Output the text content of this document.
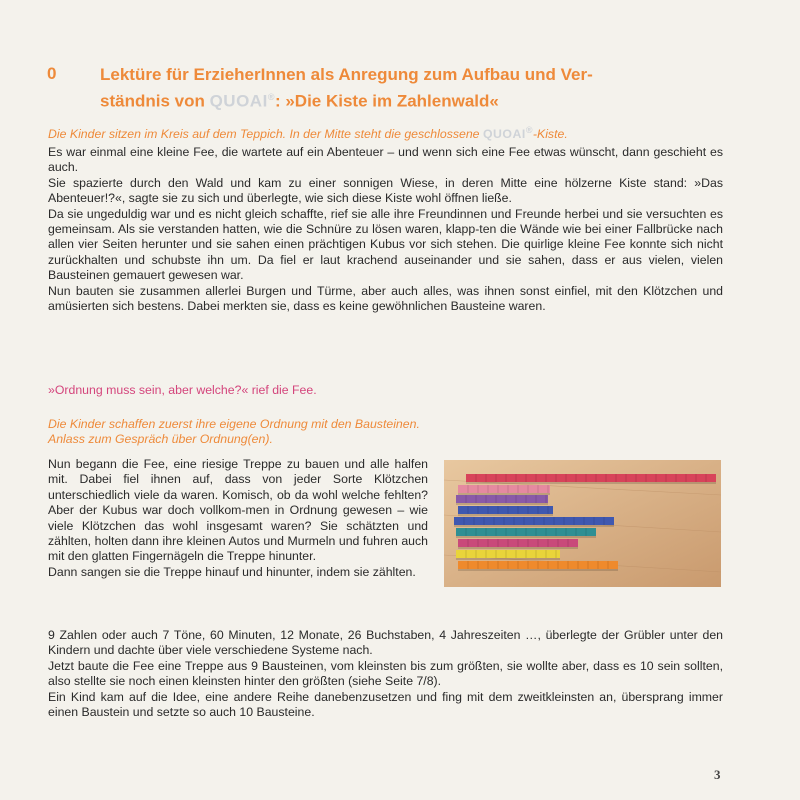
0	Lektüre für ErzieherInnen als Anregung zum Aufbau und Ver-
ständnis von QUOAI®: »Die Kiste im Zahlenwald«
Die Kinder sitzen im Kreis auf dem Teppich. In der Mitte steht die geschlossene QUOAI®-Kiste.

Es war einmal eine kleine Fee, die wartete auf ein Abenteuer – und wenn sich eine Fee etwas wünscht, dann geschieht es auch.

Sie spazierte durch den Wald und kam zu einer sonnigen Wiese, in deren Mitte eine hölzerne Kiste stand: »Das Abenteuer!?«, sagte sie zu sich und überlegte, wie sich diese Kiste wohl öffnen ließe.

Da sie ungeduldig war und es nicht gleich schaffte, rief sie alle ihre Freundinnen und Freunde herbei und sie versuchten es gemeinsam. Als sie verstanden hatten, wie die Schnüre zu lösen waren, klapp-ten die Wände wie bei einer Fallbrücke nach allen vier Seiten herunter und sie sahen einen prächtigen Kubus vor sich stehen. Die quirlige kleine Fee konnte sich nicht zurückhalten und schubste ihn um. Da fiel er laut krachend auseinander und sie sahen, dass er aus vielen, vielen Bausteinen gemauert gewesen war.

Nun bauten sie zusammen allerlei Burgen und Türme, aber auch alles, was ihnen sonst einfiel, mit den Klötzchen und amüsierten sich bestens. Dabei merkten sie, dass es keine gewöhnlichen Bausteine waren.

»Ordnung muss sein, aber welche?« rief die Fee.
Die Kinder schaffen zuerst ihre eigene Ordnung mit den Bausteinen.
Anlass zum Gespräch über Ordnung(en).

Nun begann die Fee, eine riesige Treppe zu bauen und alle halfen mit. Dabei fiel ihnen auf, dass von jeder Sorte Klötzchen unterschiedlich viele da waren. Komisch, ob da wohl welche fehlten? Aber der Kubus war doch vollkom-men in Ordnung gewesen – wie viele Klötzchen das wohl insgesamt waren? Sie schätzten und zählten, holten dann ihre kleinen Autos und Murmeln und fuhren auch mit den glatten Fingernägeln die Treppe hinunter.

Dann sangen sie die Treppe hinauf und hinunter, indem sie zählten.

9 Zahlen oder auch 7 Töne, 60 Minuten, 12 Monate, 26 Buchstaben, 4 Jahreszeiten …, überlegte der Grübler unter den Kindern und dachte über viele verschiedene Systeme nach.

Jetzt baute die Fee eine Treppe aus 9 Bausteinen, vom kleinsten bis zum größten, sie wollte aber, dass es 10 sein sollten, also stellte sie noch einen kleinsten hinter den größten (siehe Seite 7/8).

Ein Kind kam auf die Idee, eine andere Reihe danebenzusetzen und fing mit dem zweitkleinsten an, übersprang immer einen Baustein und setzte so auch 10 Bausteine.

3
